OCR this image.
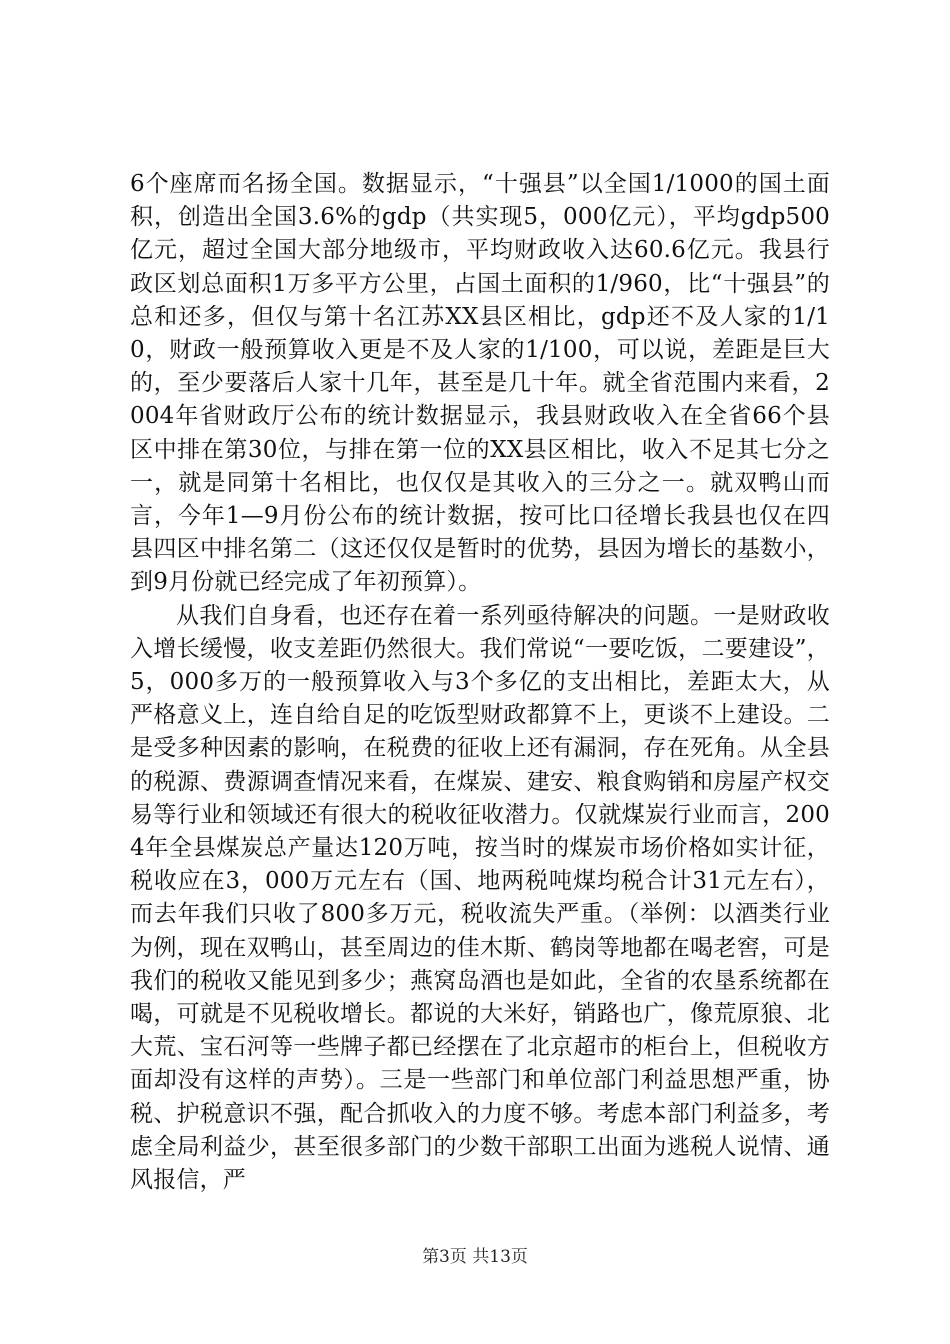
6个座席而名扬全国。数据显示，“十强县”以全国1/1000的国土面积，创造出全国3.6%的gdp（共实现5，000亿元），平均gdp500亿元，超过全国大部分地级市，平均财政收入达60.6亿元。我县行政区划总面积1万多平方公里，占国土面积的1/960，比“十强县”的总和还多，但仅与第十名江苏XX县区相比，gdp还不及人家的1/10，财政一般预算收入更是不及人家的1/100，可以说，差距是巨大的，至少要落后人家十几年，甚至是几十年。就全省范围内来看，2004年省财政厅公布的统计数据显示，我县财政收入在全省66个县区中排在第30位，与排在第一位的XX县区相比，收入不足其七分之一，就是同第十名相比，也仅仅是其收入的三分之一。就双鸭山而言，今年1—9月份公布的统计数据，按可比口径增长我县也仅在四县四区中排名第二（这还仅仅是暂时的优势，县因为增长的基数小，到9月份就已经完成了年初预算）。

从我们自身看，也还存在着一系列亟待解决的问题。一是财政收入增长缓慢，收支差距仍然很大。我们常说“一要吃饭，二要建设”，5，000多万的一般预算收入与3个多亿的支出相比，差距太大，从严格意义上，连自给自足的吃饭型财政都算不上，更谈不上建设。二是受多种因素的影响，在税费的征收上还有漏洞，存在死角。从全县的税源、费源调查情况来看，在煤炭、建安、粮食购销和房屋产权交易等行业和领域还有很大的税收征收潜力。仅就煤炭行业而言，2004年全县煤炭总产量达120万吨，按当时的煤炭市场价格如实计征，税收应在3，000万元左右（国、地两税吨煤均税合计31元左右），而去年我们只收了800多万元，税收流失严重。（举例：以酒类行业为例，现在双鸭山，甚至周边的佳木斯、鹤岗等地都在喝老窖，可是我们的税收又能见到多少；燕窝岛酒也是如此，全省的农垦系统都在喝，可就是不见税收增长。都说的大米好，销路也广，像荒原狼、北大荒、宝石河等一些牌子都已经摆在了北京超市的柜台上，但税收方面却没有这样的声势）。三是一些部门和单位部门利益思想严重，协税、护税意识不强，配合抓收入的力度不够。考虑本部门利益多，考虑全局利益少，甚至很多部门的少数干部职工出面为逃税人说情、通风报信，严

第3页 共13页
